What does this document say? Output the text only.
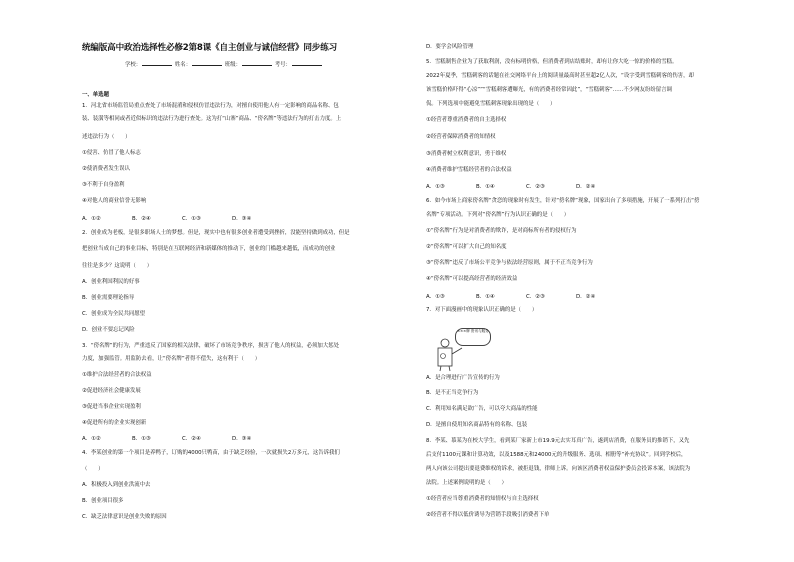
统编版高中政治选择性必修2第8课《自主创业与诚信经营》同步练习
学校：	姓名：	班级：	考号：
一、单选题
1．河北省市场监管局重点查处了市场混淆和侵权仿冒违法行为，对擅自使用他人有一定影响的商品名称、包
装、装潢等相同或者近似标识的违法行为进行查处。这为打“山寨”商品、“傍名牌”等违法行为的打击力度。上
述违法行为（　　）
①侵害、仿冒了他人标志
②使消费者发生误认
③不利于自身盈利
④对他人的商业信誉无影响
A．①②	B．②④	C．①③	D．③④
2．创业成为老板，是很多职场人士的梦想。但是，现实中也有很多创业者遭受到挫折，没能坚持做到成功，但是
把创业当成自己的事业目标，特别是在互联网经济和新媒体的推动下，创业的门槛越来越低，而成功的创业
往往是多少？这说明（　　）
A．创业利国利民的好事
B．创业需要理论指导
C．创业成为全民共同愿望
D．创业不要忘记风险
3．“傍名牌”的行为，严重违反了国家的相关法律，破坏了市场竞争秩序，损害了他人的权益，必须加大惩处
力度，加强监管。用监防去看，让“傍名牌”者得不偿失，这有利于（　　）
①维护合法经营者的合法权益
②促进经济社会健康发展
③促进当事企业实现盈利
④促进所有的企业实现创新
A．①②	B．①③	C．②④	D．③④
4．李某创业的第一个项目是养鸭子，订购的4000只鸭苗，由于缺乏经验，一次就损失2万多元，这告诉我们
（　　）
A．积极投入到创业洪流中去
B．创业项目很多
C．缺乏法律意识是创业失败的原因
D．要学会风险管理
5．雪糕制售企业为了获取利润，没有标明价格，但消费者到店结账时，却有让你大吃一惊的价格的雪糕。
2022年夏季，雪糕刺客的话题在社交网络平台上的阅读量最高时甚至超2亿人次，“设字受到雪糕刺客的伤害，却
该雪糕价格吓得“心凉””“雪糕刺客遭曝光，有的消费者经常因此”，“雪糕刺客”……不少网友纷纷留言调
侃。下列选项中能避免雪糕刺客现象出现的是（　　）
①经营者尊重消费者的自主选择权
②经营者保障消费者的知情权
③消费者树立权利意识，勇于维权
④消费者维护雪糕经营者的合法权益
A．①③	B．①④	C．②③	D．②④
6．如今市场上商家傍名牌“贪恋的现象时有发生，针对“傍名牌”现象，国家出台了多项措施，开展了一系列打击“傍
名牌”专项活动。下列对“傍名牌”行为认识正确的是（　　）
①“傍名牌”行为是对消费者的欺诈，是对商标所有者的侵权行为
②“傍名牌”可以扩大自己的知名度
③“傍名牌”违反了市场公平竞争与依法经营原则，属于不正当竞争行为
④“傍名牌”可以提高经营者的经济效益
A．①③	B．①④	C．②③	D．②④
7．对下面漫画中的现象认识正确的是（　　）
×××牌 资讯与服务
A．是合理进行广告宣传的行为
B．是不正当竞争行为
C．利用知名满足欲广告，可以夸大商品的性能
D．是擅自使用知名商品特有的名称、包装
8．李某、慕某为在校大学生，看到某厂家新上市19.9元去实耳真广告，遂到店消费，在服务员的推销下，又先
后支付1100元课和计算功效，以及1588元和24000元的升级服务、选项、相册等“补充协议”。回到学校后，
两人向该公司提出要退费维权的诉求，被拒退钱，律师上诉。向该区消费者权益保护委员会投诉本案，该法院为
法院。上述案例说明的是（　　）
①经营者应当尊重消费者的知情权与自主选择权
②经营者不得以低价诱导为营销手段吸引消费者下单
